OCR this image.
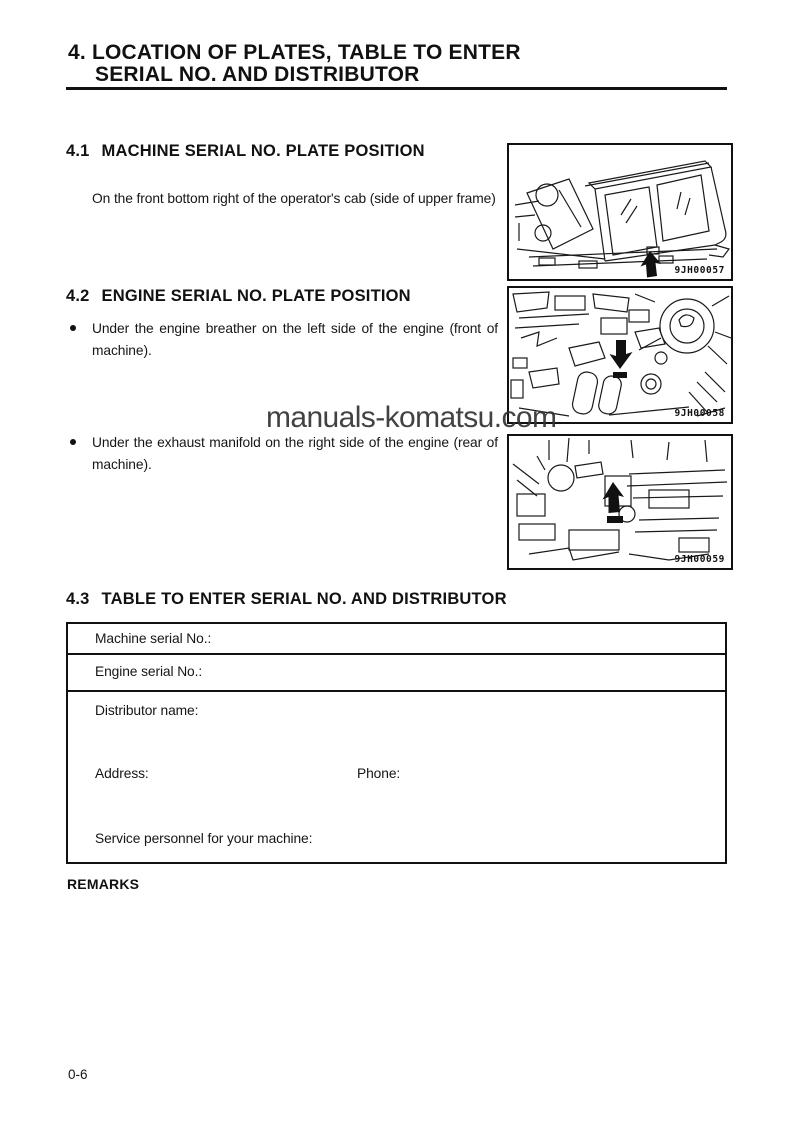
4. LOCATION OF PLATES, TABLE TO ENTER
SERIAL NO. AND DISTRIBUTOR
4.1 MACHINE SERIAL NO. PLATE POSITION

On the front bottom right of the operator's cab (side of upper frame)

9JH00057
4.2 ENGINE SERIAL NO. PLATE POSITION
Under the engine breather on the left side of the engine (front of machine).
Under the exhaust manifold on the right side of the engine (rear of machine).
9JH00058
9JH00059
manuals-komatsu.com
4.3 TABLE TO ENTER SERIAL NO. AND DISTRIBUTOR
Machine serial No.:
Engine serial No.:
Distributor name:
Address:	Phone:
Service personnel for your machine:
REMARKS
0-6
